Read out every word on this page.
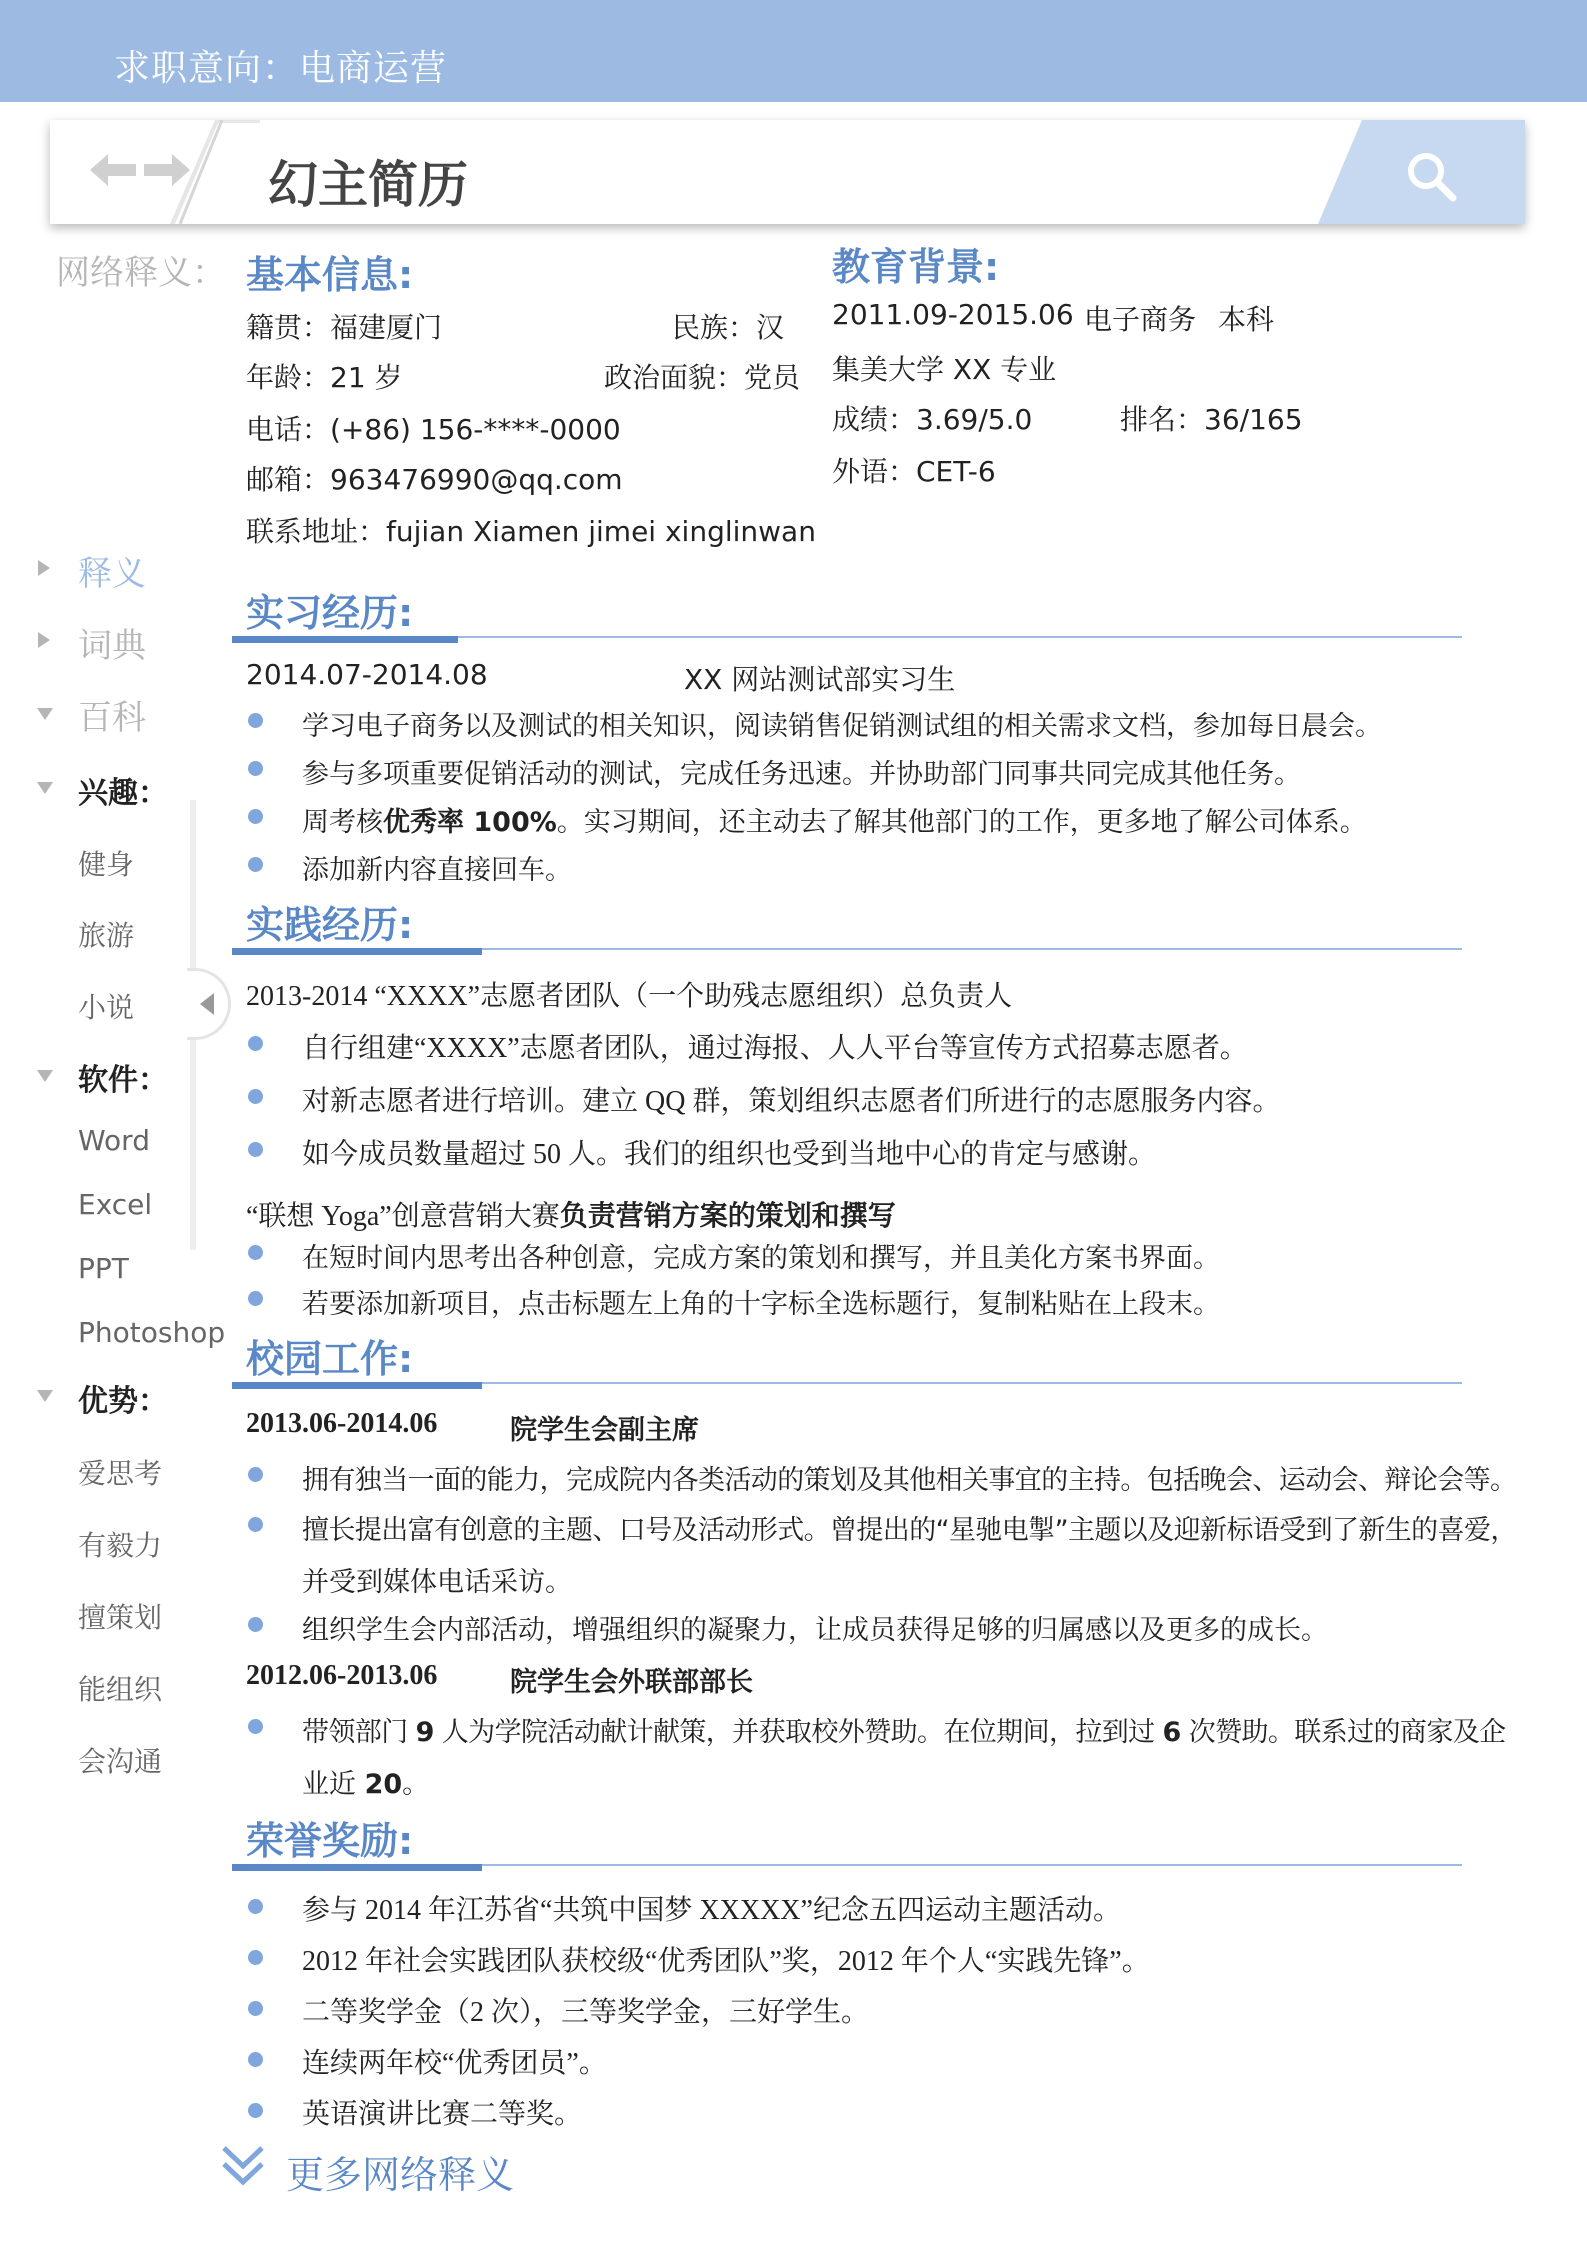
求职意向：电商运营
幻主简历
网络释义：
释义
词典
百科
兴趣：
健身
旅游
小说
软件：
Word
Excel
PPT
Photoshop
优势：
爱思考
有毅力
擅策划
能组织
会沟通
基本信息:
籍贯：福建厦门	民族：汉
年龄：21 岁	政治面貌：党员
电话：(+86) 156-****-0000
邮箱：963476990@qq.com
联系地址：fujian Xiamen jimei xinglinwan
教育背景:
2011.09-2015.06 电子商务 本科
集美大学 XX 专业
成绩：3.69/5.0	排名：36/165
外语：CET-6
实习经历:
2014.07-2014.08	XX 网站测试部实习生
学习电子商务以及测试的相关知识，阅读销售促销测试组的相关需求文档，参加每日晨会。
参与多项重要促销活动的测试，完成任务迅速。并协助部门同事共同完成其他任务。
周考核优秀率 100%。实习期间，还主动去了解其他部门的工作，更多地了解公司体系。
添加新内容直接回车。
实践经历:
2013-2014 “XXXX”志愿者团队（一个助残志愿组织）总负责人
自行组建“XXXX”志愿者团队，通过海报、人人平台等宣传方式招募志愿者。
对新志愿者进行培训。建立 QQ 群，策划组织志愿者们所进行的志愿服务内容。
如今成员数量超过 50 人。我们的组织也受到当地中心的肯定与感谢。
“联想 Yoga”创意营销大赛负责营销方案的策划和撰写
在短时间内思考出各种创意，完成方案的策划和撰写，并且美化方案书界面。
若要添加新项目，点击标题左上角的十字标全选标题行，复制粘贴在上段末。
校园工作:
2013.06-2014.06	院学生会副主席
拥有独当一面的能力，完成院内各类活动的策划及其他相关事宜的主持。包括晚会、运动会、辩论会等。
擅长提出富有创意的主题、口号及活动形式。曾提出的“星驰电掣”主题以及迎新标语受到了新生的喜爱，
并受到媒体电话采访。
组织学生会内部活动，增强组织的凝聚力，让成员获得足够的归属感以及更多的成长。
2012.06-2013.06	院学生会外联部部长
带领部门 9 人为学院活动献计献策，并获取校外赞助。在位期间，拉到过 6 次赞助。联系过的商家及企
业近 20。
荣誉奖励:
参与 2014 年江苏省“共筑中国梦 XXXXX”纪念五四运动主题活动。
2012 年社会实践团队获校级“优秀团队”奖，2012 年个人“实践先锋”。
二等奖学金（2 次），三等奖学金，三好学生。
连续两年校“优秀团员”。
英语演讲比赛二等奖。
更多网络释义
